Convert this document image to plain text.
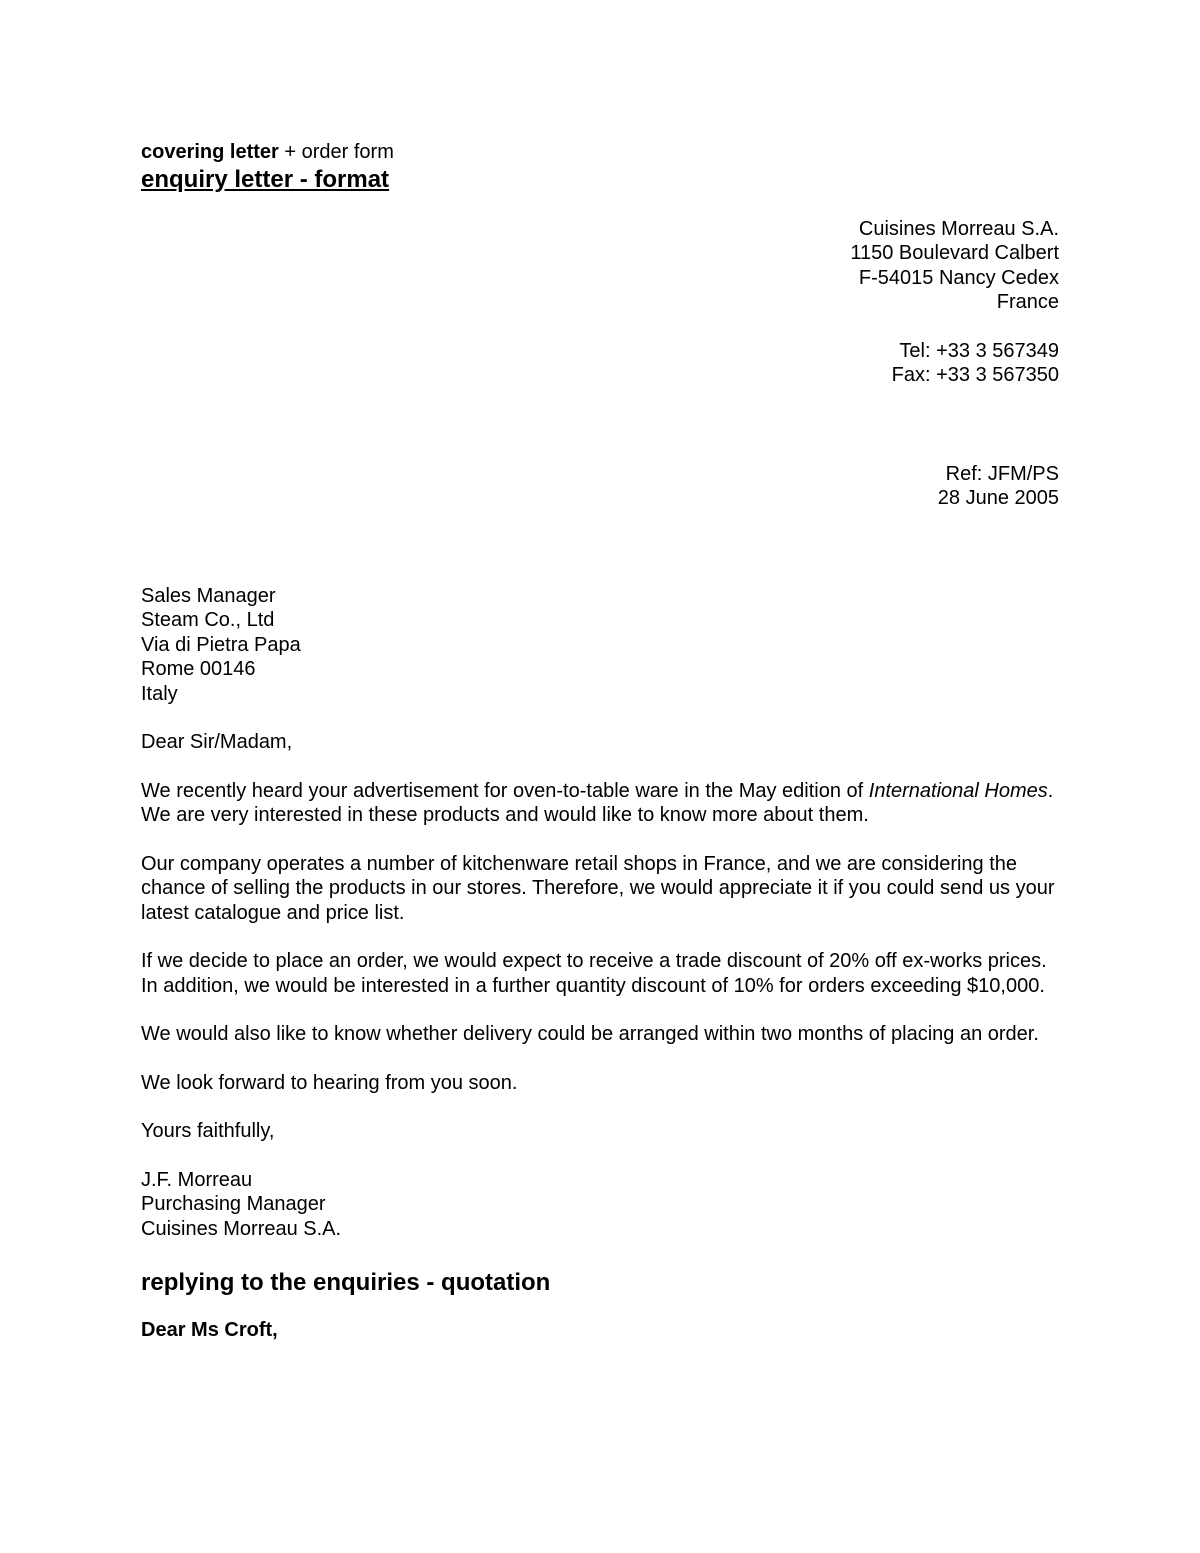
covering letter + order form
enquiry letter - format
Cuisines Morreau S.A.
1150 Boulevard Calbert
F-54015 Nancy Cedex
France
Tel: +33 3 567349
Fax: +33 3 567350
Ref: JFM/PS
28 June 2005
Sales Manager
Steam Co., Ltd
Via di Pietra Papa
Rome 00146
Italy

Dear Sir/Madam,

We recently heard your advertisement for oven-to-table ware in the May edition of International Homes. We are very interested in these products and would like to know more about them.

Our company operates a number of kitchenware retail shops in France, and we are considering the chance of selling the products in our stores. Therefore, we would appreciate it if you could send us your latest catalogue and price list.

If we decide to place an order, we would expect to receive a trade discount of 20% off ex-works prices. In addition, we would be interested in a further quantity discount of 10% for orders exceeding $10,000.

We would also like to know whether delivery could be arranged within two months of placing an order.

We look forward to hearing from you soon.

Yours faithfully,

J.F. Morreau
Purchasing Manager
Cuisines Morreau S.A.
replying to the enquiries - quotation
Dear Ms Croft,
